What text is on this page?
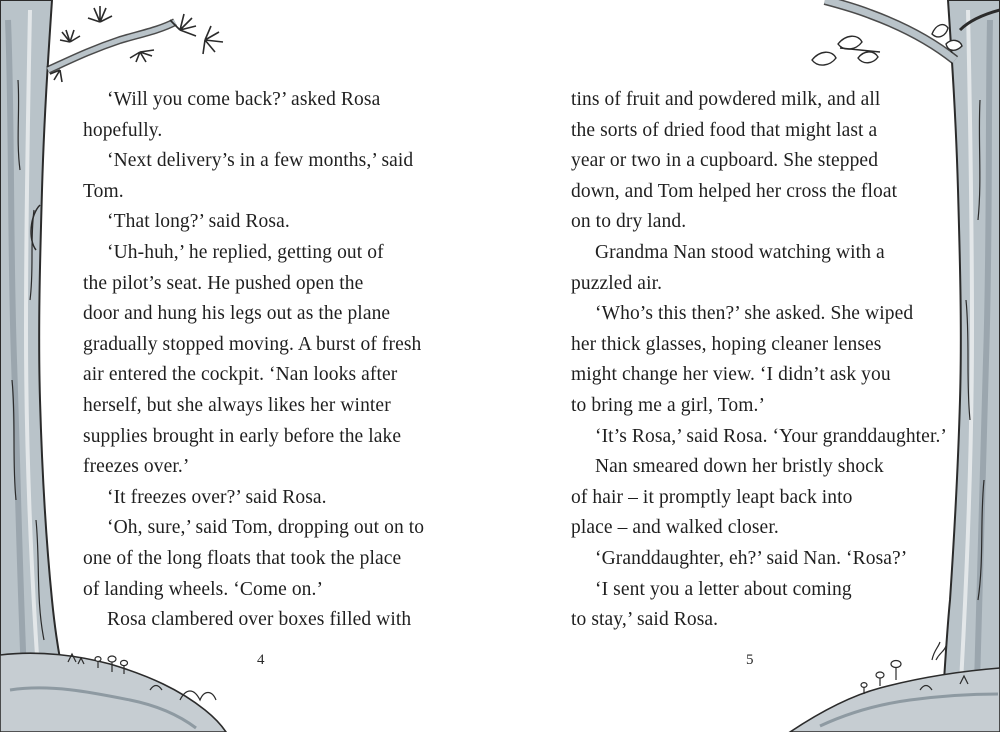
‘Will you come back?’ asked Rosa
hopefully.
‘Next delivery’s in a few months,’ said
Tom.
‘That long?’ said Rosa.
‘Uh-huh,’ he replied, getting out of
the pilot’s seat. He pushed open the
door and hung his legs out as the plane
gradually stopped moving. A burst of fresh
air entered the cockpit. ‘Nan looks after
herself, but she always likes her winter
supplies brought in early before the lake
freezes over.’
‘It freezes over?’ said Rosa.
‘Oh, sure,’ said Tom, dropping out on to
one of the long floats that took the place
of landing wheels. ‘Come on.’
Rosa clambered over boxes filled with
tins of fruit and powdered milk, and all
the sorts of dried food that might last a
year or two in a cupboard. She stepped
down, and Tom helped her cross the float
on to dry land.
Grandma Nan stood watching with a
puzzled air.
‘Who’s this then?’ she asked. She wiped
her thick glasses, hoping cleaner lenses
might change her view. ‘I didn’t ask you
to bring me a girl, Tom.’
‘It’s Rosa,’ said Rosa. ‘Your granddaughter.’
Nan smeared down her bristly shock
of hair – it promptly leapt back into
place – and walked closer.
‘Granddaughter, eh?’ said Nan. ‘Rosa?’
‘I sent you a letter about coming
to stay,’ said Rosa.
4	5
